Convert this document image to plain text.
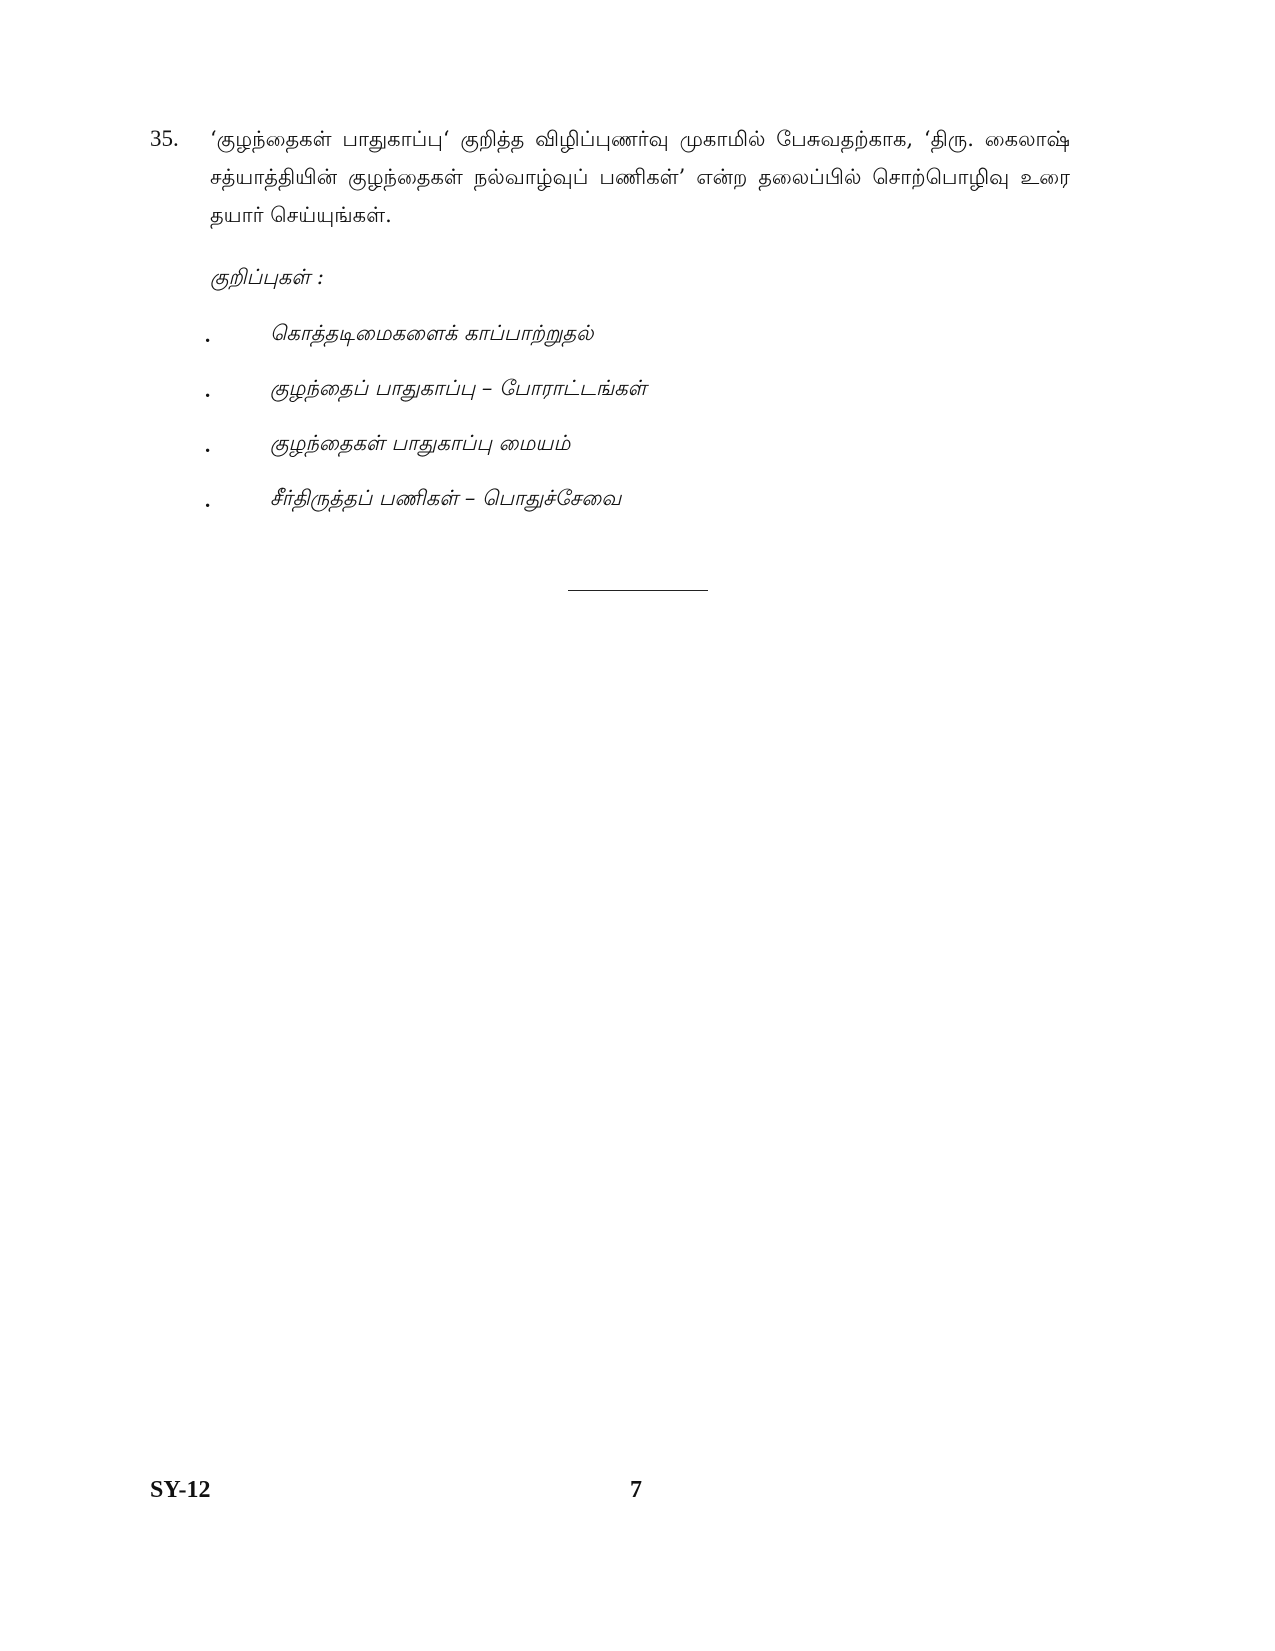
35. ‘குழந்தைகள் பாதுகாப்பு‘ குறித்த விழிப்புணர்வு முகாமில் பேசுவதற்காக, ‘திரு. கைலாஷ் சத்யாத்தியின் குழந்தைகள் நல்வாழ்வுப் பணிகள்’ என்ற தலைப்பில் சொற்பொழிவு உரை தயார் செய்யுங்கள்.
குறிப்புகள் :
.	கொத்தடிமைகளைக் காப்பாற்றுதல்
.	குழந்தைப் பாதுகாப்பு – போராட்டங்கள்
.	குழந்தைகள் பாதுகாப்பு மையம்
.	சீர்திருத்தப் பணிகள் – பொதுச்சேவை
SY-12	7
